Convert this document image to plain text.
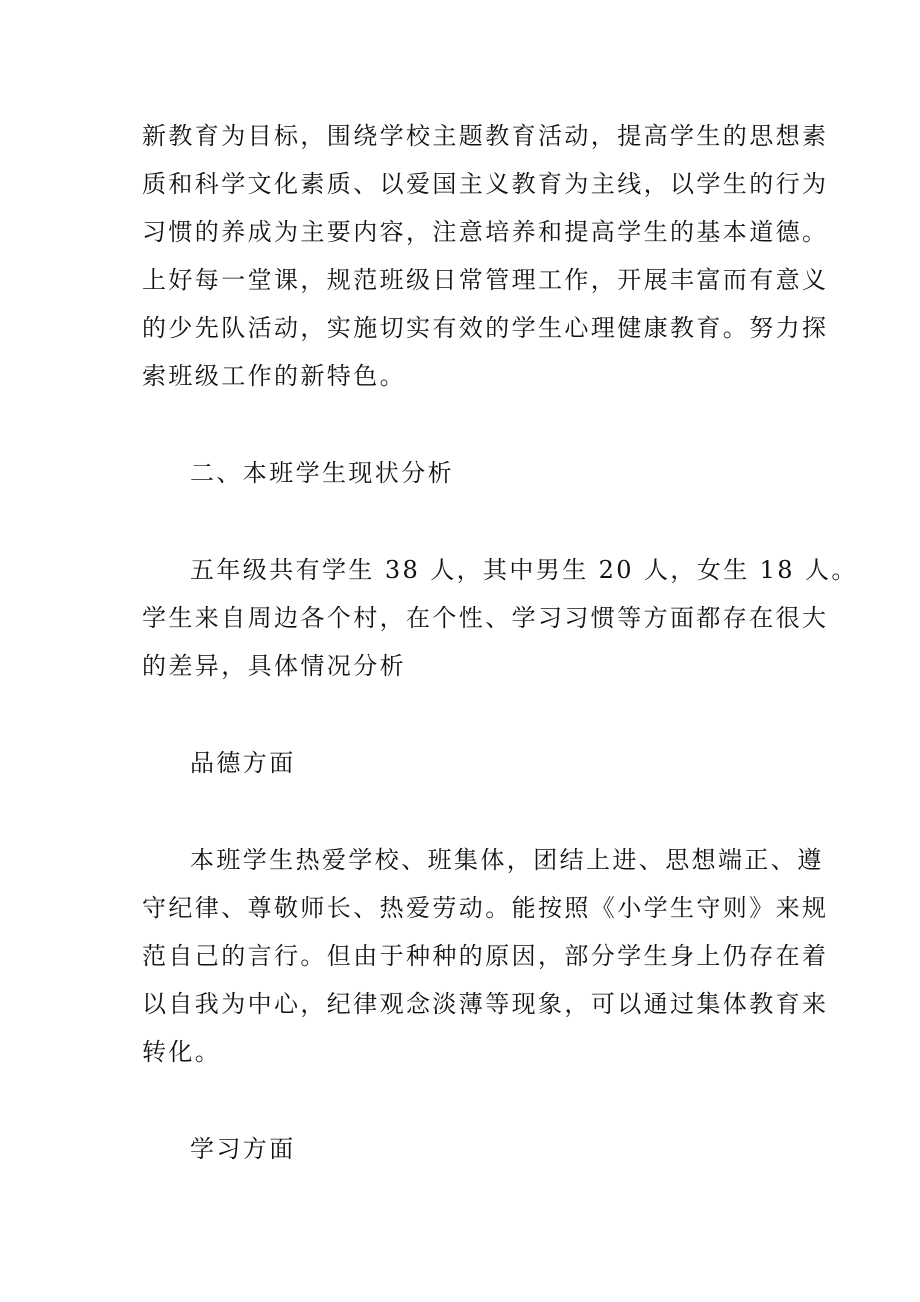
新教育为目标，围绕学校主题教育活动，提高学生的思想素
质和科学文化素质、以爱国主义教育为主线，以学生的行为
习惯的养成为主要内容，注意培养和提高学生的基本道德。
上好每一堂课，规范班级日常管理工作，开展丰富而有意义
的少先队活动，实施切实有效的学生心理健康教育。努力探
索班级工作的新特色。
二、本班学生现状分析
五年级共有学生 38 人，其中男生 20 人，女生 18 人。
学生来自周边各个村，在个性、学习习惯等方面都存在很大
的差异，具体情况分析
品德方面
本班学生热爱学校、班集体，团结上进、思想端正、遵
守纪律、尊敬师长、热爱劳动。能按照《小学生守则》来规
范自己的言行。但由于种种的原因，部分学生身上仍存在着
以自我为中心，纪律观念淡薄等现象，可以通过集体教育来
转化。
学习方面
